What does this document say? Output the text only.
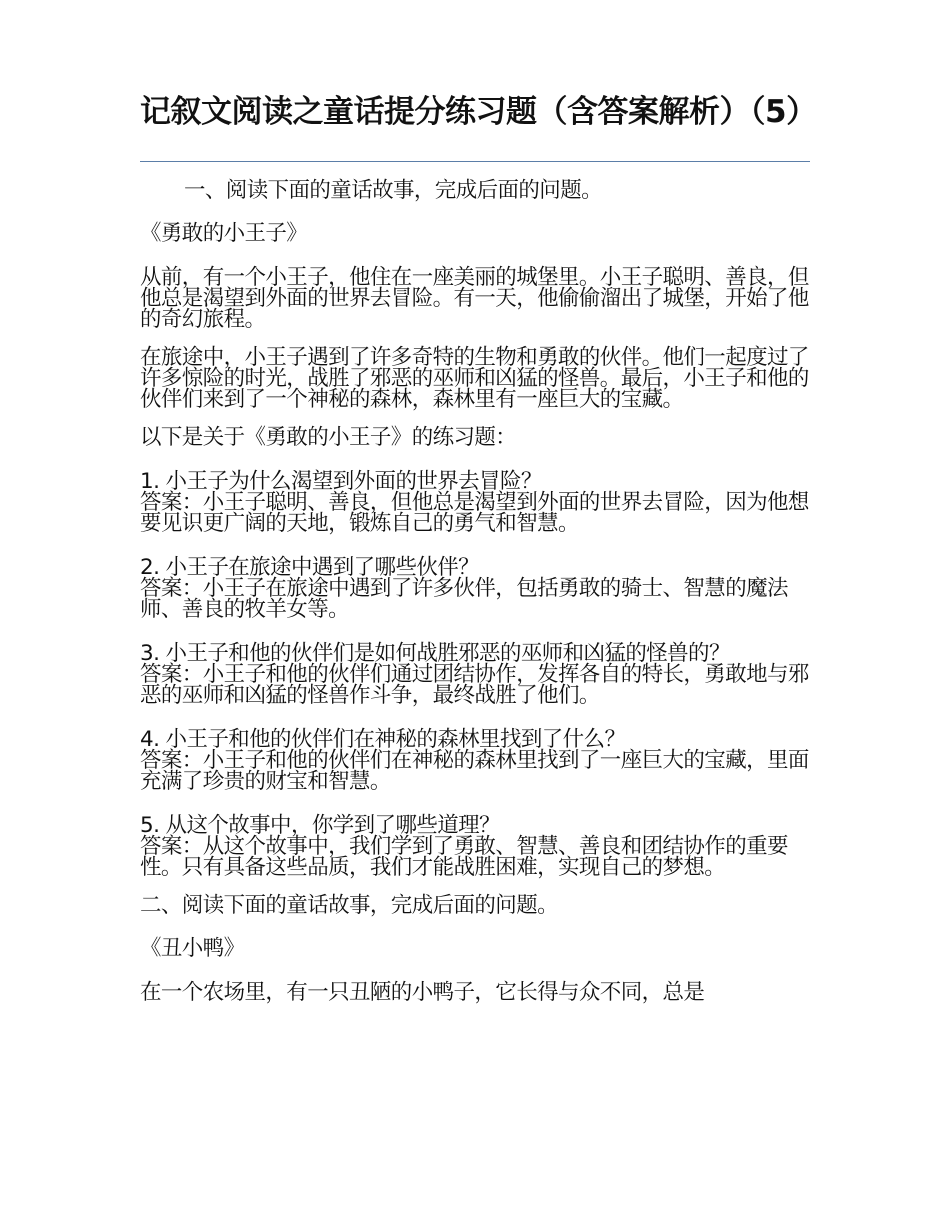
记叙文阅读之童话提分练习题（含答案解析）（5）

一、阅读下面的童话故事，完成后面的问题。

《勇敢的小王子》

从前，有一个小王子，他住在一座美丽的城堡里。小王子聪明、善良，但他总是渴望到外面的世界去冒险。有一天，他偷偷溜出了城堡，开始了他的奇幻旅程。

在旅途中，小王子遇到了许多奇特的生物和勇敢的伙伴。他们一起度过了许多惊险的时光，战胜了邪恶的巫师和凶猛的怪兽。最后，小王子和他的伙伴们来到了一个神秘的森林，森林里有一座巨大的宝藏。

以下是关于《勇敢的小王子》的练习题：

1. 小王子为什么渴望到外面的世界去冒险？

答案：小王子聪明、善良，但他总是渴望到外面的世界去冒险，因为他想要见识更广阔的天地，锻炼自己的勇气和智慧。

2. 小王子在旅途中遇到了哪些伙伴？

答案：小王子在旅途中遇到了许多伙伴，包括勇敢的骑士、智慧的魔法师、善良的牧羊女等。

3. 小王子和他的伙伴们是如何战胜邪恶的巫师和凶猛的怪兽的？

答案：小王子和他的伙伴们通过团结协作，发挥各自的特长，勇敢地与邪恶的巫师和凶猛的怪兽作斗争，最终战胜了他们。

4. 小王子和他的伙伴们在神秘的森林里找到了什么？

答案：小王子和他的伙伴们在神秘的森林里找到了一座巨大的宝藏，里面充满了珍贵的财宝和智慧。

5. 从这个故事中，你学到了哪些道理？

答案：从这个故事中，我们学到了勇敢、智慧、善良和团结协作的重要性。只有具备这些品质，我们才能战胜困难，实现自己的梦想。

二、阅读下面的童话故事，完成后面的问题。

《丑小鸭》

在一个农场里，有一只丑陋的小鸭子，它长得与众不同，总是
